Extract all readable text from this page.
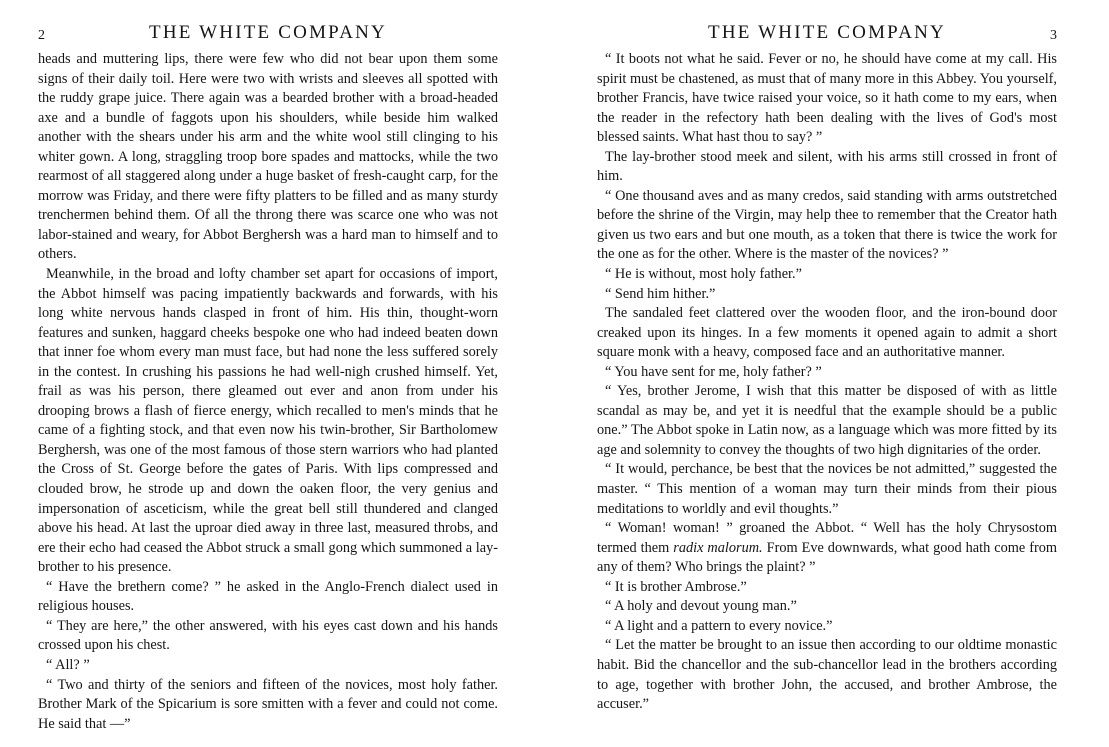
2	THE WHITE COMPANY

heads and muttering lips, there were few who did not bear upon them some signs of their daily toil. Here were two with wrists and sleeves all spotted with the ruddy grape juice. There again was a bearded brother with a broad-headed axe and a bundle of faggots upon his shoulders, while beside him walked another with the shears under his arm and the white wool still clinging to his whiter gown. A long, straggling troop bore spades and mattocks, while the two rearmost of all staggered along under a huge basket of fresh-caught carp, for the morrow was Friday, and there were fifty platters to be filled and as many sturdy trenchermen behind them. Of all the throng there was scarce one who was not labor-stained and weary, for Abbot Berghersh was a hard man to himself and to others.

Meanwhile, in the broad and lofty chamber set apart for occasions of import, the Abbot himself was pacing impatiently backwards and forwards, with his long white nervous hands clasped in front of him. His thin, thought-worn features and sunken, haggard cheeks bespoke one who had indeed beaten down that inner foe whom every man must face, but had none the less suffered sorely in the contest. In crushing his passions he had well-nigh crushed himself. Yet, frail as was his person, there gleamed out ever and anon from under his drooping brows a flash of fierce energy, which recalled to men's minds that he came of a fighting stock, and that even now his twin-brother, Sir Bartholomew Berghersh, was one of the most famous of those stern warriors who had planted the Cross of St. George before the gates of Paris. With lips compressed and clouded brow, he strode up and down the oaken floor, the very genius and impersonation of asceticism, while the great bell still thundered and clanged above his head. At last the uproar died away in three last, measured throbs, and ere their echo had ceased the Abbot struck a small gong which summoned a lay-brother to his presence.

“ Have the brethern come? ” he asked in the Anglo-French dialect used in religious houses.

“ They are here,” the other answered, with his eyes cast down and his hands crossed upon his chest.

“ All? ”

“ Two and thirty of the seniors and fifteen of the novices, most holy father. Brother Mark of the Spicarium is sore smitten with a fever and could not come. He said that —”

THE WHITE COMPANY	3

“ It boots not what he said. Fever or no, he should have come at my call. His spirit must be chastened, as must that of many more in this Abbey. You yourself, brother Francis, have twice raised your voice, so it hath come to my ears, when the reader in the refectory hath been dealing with the lives of God's most blessed saints. What hast thou to say? ”

The lay-brother stood meek and silent, with his arms still crossed in front of him.

“ One thousand aves and as many credos, said standing with arms outstretched before the shrine of the Virgin, may help thee to remember that the Creator hath given us two ears and but one mouth, as a token that there is twice the work for the one as for the other. Where is the master of the novices? ”

“ He is without, most holy father.”

“ Send him hither.”

The sandaled feet clattered over the wooden floor, and the iron-bound door creaked upon its hinges. In a few moments it opened again to admit a short square monk with a heavy, composed face and an authoritative manner.

“ You have sent for me, holy father? ”

“ Yes, brother Jerome, I wish that this matter be disposed of with as little scandal as may be, and yet it is needful that the example should be a public one.” The Abbot spoke in Latin now, as a language which was more fitted by its age and solemnity to convey the thoughts of two high dignitaries of the order.

“ It would, perchance, be best that the novices be not admitted,” suggested the master. “ This mention of a woman may turn their minds from their pious meditations to worldly and evil thoughts.”

“ Woman! woman! ” groaned the Abbot. “ Well has the holy Chrysostom termed them radix malorum. From Eve downwards, what good hath come from any of them? Who brings the plaint? ”

“ It is brother Ambrose.”

“ A holy and devout young man.”

“ A light and a pattern to every novice.”

“ Let the matter be brought to an issue then according to our oldtime monastic habit. Bid the chancellor and the sub-chancellor lead in the brothers according to age, together with brother John, the accused, and brother Ambrose, the accuser.”
